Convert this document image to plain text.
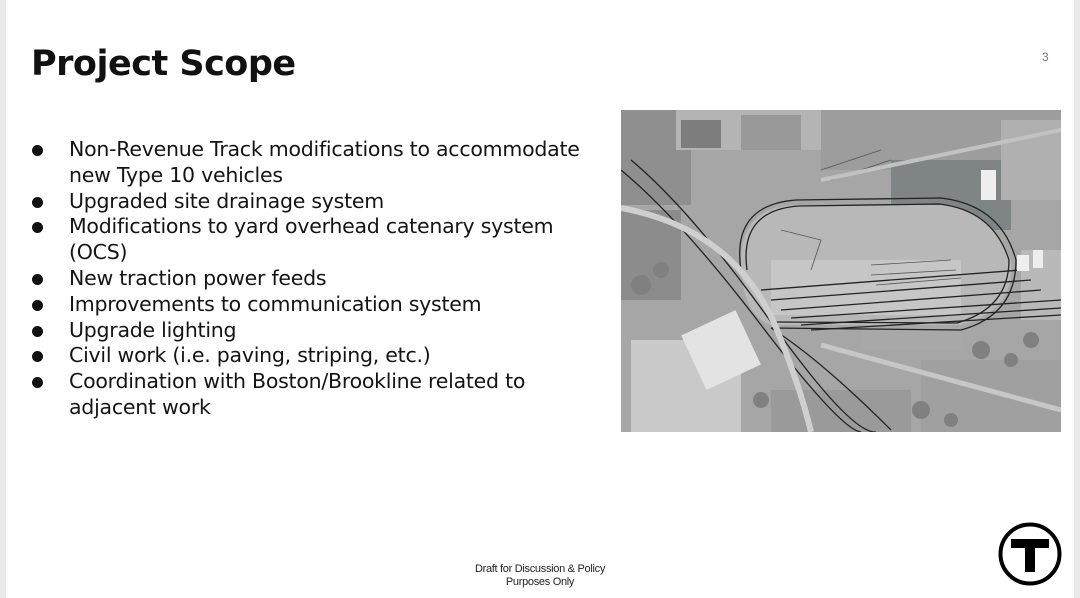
Project Scope	3
Non-Revenue Track modifications to accommodate new Type 10 vehicles
Upgraded site drainage system
Modifications to yard overhead catenary system (OCS)
New traction power feeds
Improvements to communication system
Upgrade lighting
Civil work (i.e. paving, striping, etc.)
Coordination with Boston/Brookline related to adjacent work
Draft for Discussion & Policy
Purposes Only
